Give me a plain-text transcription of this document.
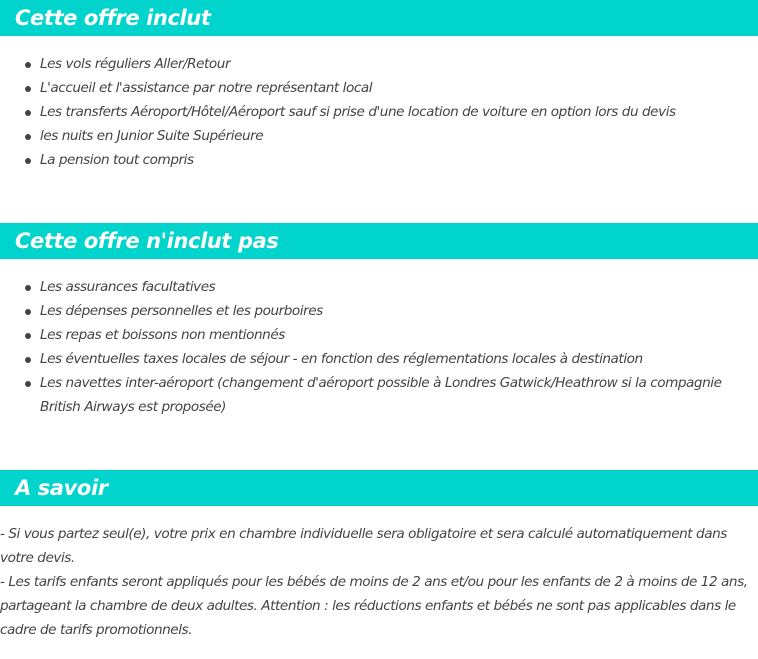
Cette offre inclut
Les vols réguliers Aller/Retour
L'accueil et l'assistance par notre représentant local
Les transferts Aéroport/Hôtel/Aéroport sauf si prise d'une location de voiture en option lors du devis
les nuits en Junior Suite Supérieure
La pension tout compris
Cette offre n'inclut pas
Les assurances facultatives
Les dépenses personnelles et les pourboires
Les repas et boissons non mentionnés
Les éventuelles taxes locales de séjour - en fonction des réglementations locales à destination
Les navettes inter-aéroport (changement d'aéroport possible à Londres Gatwick/Heathrow si la compagnie British Airways est proposée)
A savoir

- Si vous partez seul(e), votre prix en chambre individuelle sera obligatoire et sera calculé automatiquement dans votre devis.

- Les tarifs enfants seront appliqués pour les bébés de moins de 2 ans et/ou pour les enfants de 2 à moins de 12 ans, partageant la chambre de deux adultes. Attention : les réductions enfants et bébés ne sont pas applicables dans le cadre de tarifs promotionnels.
